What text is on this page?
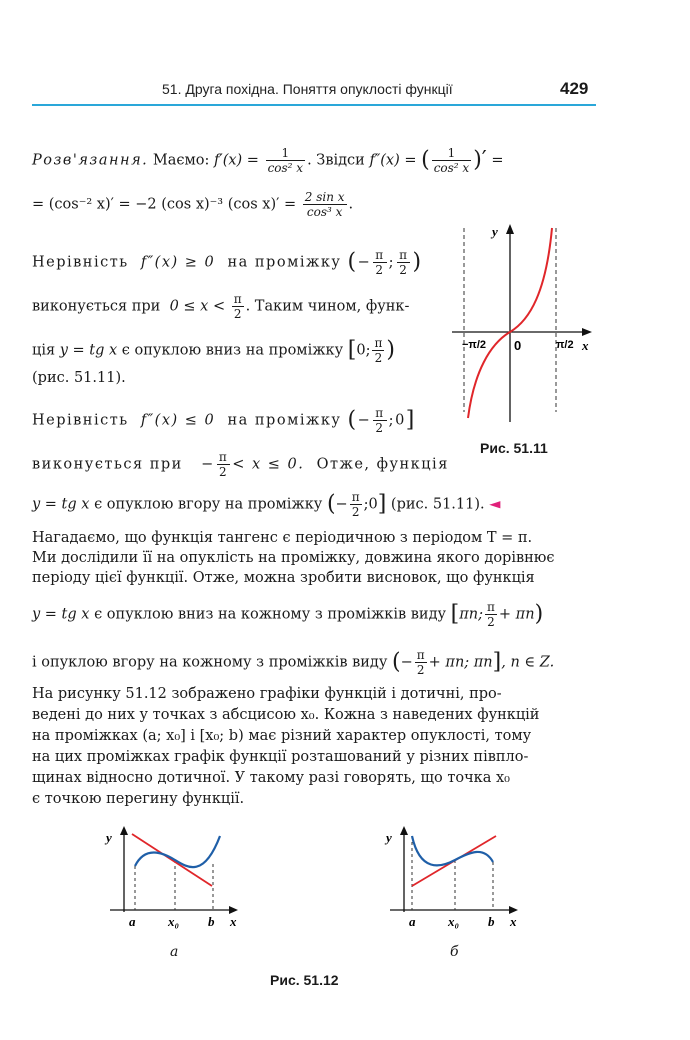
51. Друга похідна. Поняття опуклості функції	429
Розв'язання. Маємо: $f'(x) = \frac{1}{\text{cos² x}}$ . Звідси f″(x) = ( $\frac{1}{\text{cos² x}}$ )′ =
= (cos⁻² x)′ = −2 (cos x)⁻³ (cos $x)' = \frac{\text{2 sin x}}{\text{cos³ x}}$ .
Нерівність f″(x) ≥ 0 на проміжку (− $\frac{\pi}{2}$ ; $\frac{\pi}{2}$ )
виконується при $0 \le x < \frac{\pi}{2}$ . Таким чином, функ-
ція y = tg x є опуклою вниз на проміжку [0; $\frac{\pi}{2}$ )
(рис. 51.11).
Нерівність f″(x) ≤ 0 на проміжку (− $\frac{\pi}{2}$ ;0]
виконується при − $\frac{\pi}{2} < x \le 0$. Отже, функція
y = tg x є опуклою вгору на проміжку (− $\frac{\pi}{2}$ ;0] (рис. 51.11). ◄
y
x
0
−π/2	π/2
Рис. 51.11
Нагадаємо, що функція тангенс є періодичною з періодом T = π.
Ми дослідили її на опуклість на проміжку, довжина якого дорівнює
періоду цієї функції. Отже, можна зробити висновок, що функція
y = tg x є опуклою вниз на кожному з проміжків виду [πn; $\frac{\pi}{2} + \pi n$)
і опуклою вгору на кожному з проміжків виду (− $\frac{\pi}{2} + \pi n$; πn], n ∈ Z.
На рисунку 51.12 зображено графіки функцій і дотичні, про-
ведені до них у точках з абсцисою x₀. Кожна з наведених функцій
на проміжках (a; x₀] і [x₀; b) має різний характер опуклості, тому
на цих проміжках графік функції розташований у різних півпло-
щинах відносно дотичної. У такому разі говорять, що точка x₀
є точкою перегину функції.
y
x
a	x₀ b
а
y
x
a	x₀ b
б
Рис. 51.12
